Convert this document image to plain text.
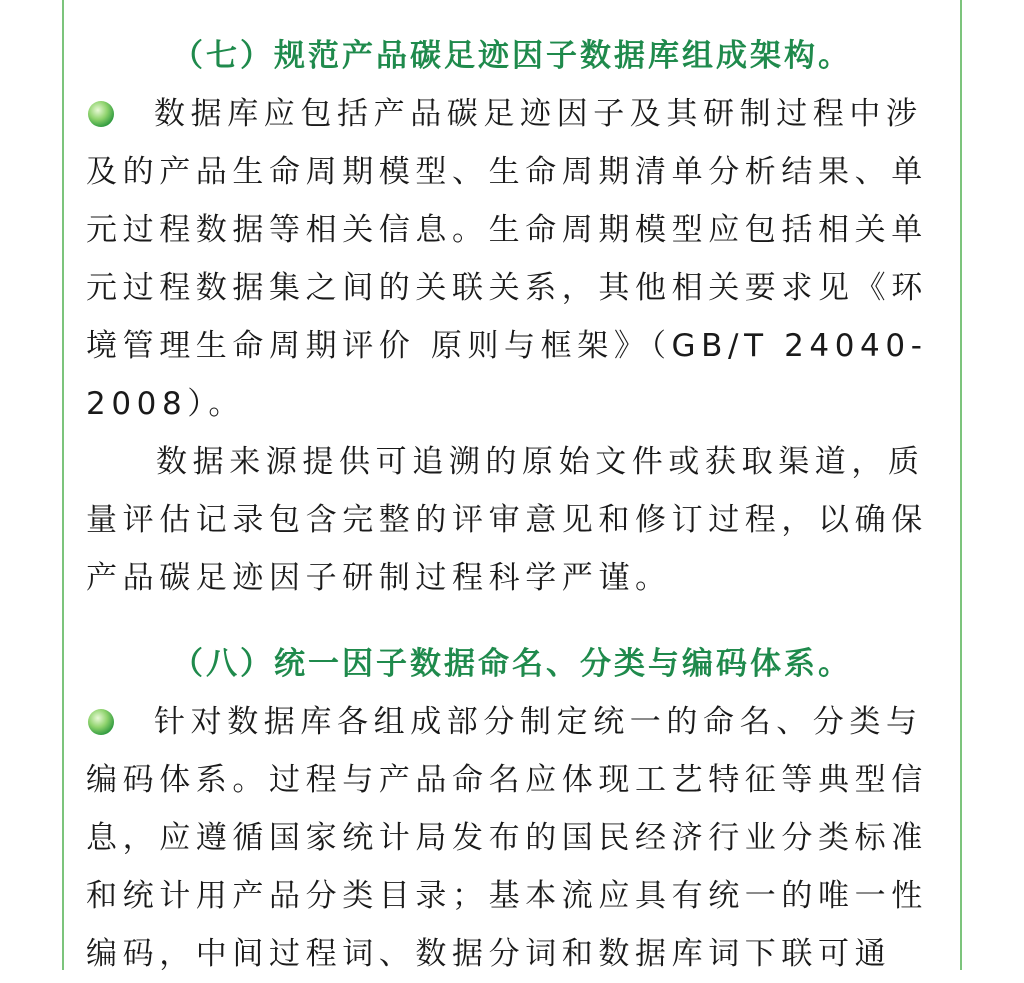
（七）规范产品碳足迹因子数据库组成架构。

数据库应包括产品碳足迹因子及其研制过程中涉及的产品生命周期模型、生命周期清单分析结果、单元过程数据等相关信息。生命周期模型应包括相关单元过程数据集之间的关联关系，其他相关要求见《环境管理生命周期评价 原则与框架》（GB/T 24040-2008）。

数据来源提供可追溯的原始文件或获取渠道，质量评估记录包含完整的评审意见和修订过程，以确保产品碳足迹因子研制过程科学严谨。

（八）统一因子数据命名、分类与编码体系。

针对数据库各组成部分制定统一的命名、分类与编码体系。过程与产品命名应体现工艺特征等典型信息，应遵循国家统计局发布的国民经济行业分类标准和统计用产品分类目录；基本流应具有统一的唯一性编码，中间过程词、数据分词和数据库词下联可通
